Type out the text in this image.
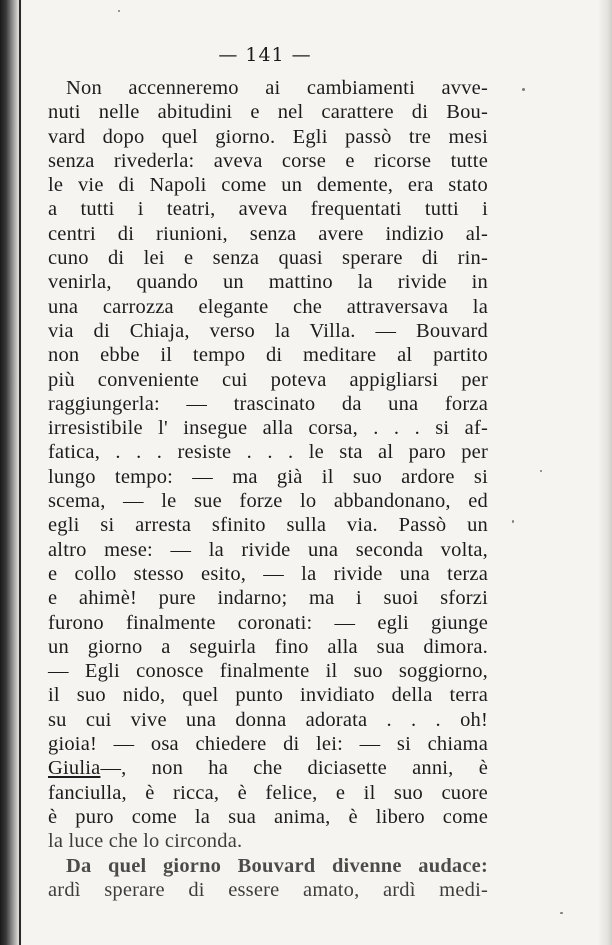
— 141 —
Non accenneremo ai cambiamenti avve-
nuti nelle abitudini e nel carattere di Bou-
vard dopo quel giorno. Egli passò tre mesi
senza rivederla: aveva corse e ricorse tutte
le vie di Napoli come un demente, era stato
a tutti i teatri, aveva frequentati tutti i
centri di riunioni, senza avere indizio al-
cuno di lei e senza quasi sperare di rin-
venirla, quando un mattino la rivide in
una carrozza elegante che attraversava la
via di Chiaja, verso la Villa. — Bouvard
non ebbe il tempo di meditare al partito
più conveniente cui poteva appigliarsi per
raggiungerla: — trascinato da una forza
irresistibile l' insegue alla corsa, . . . si af-
fatica, . . . resiste . . . le sta al paro per
lungo tempo: — ma già il suo ardore si
scema, — le sue forze lo abbandonano, ed
egli si arresta sfinito sulla via. Passò un
altro mese: — la rivide una seconda volta,
e collo stesso esito, — la rivide una terza
e ahimè! pure indarno; ma i suoi sforzi
furono finalmente coronati: — egli giunge
un giorno a seguirla fino alla sua dimora.
— Egli conosce finalmente il suo soggiorno,
il suo nido, quel punto invidiato della terra
su cui vive una donna adorata . . . oh!
gioia! — osa chiedere di lei: — si chiama
Giulia—, non ha che diciasette anni, è
fanciulla, è ricca, è felice, e il suo cuore
è puro come la sua anima, è libero come
la luce che lo circonda.
Da quel giorno Bouvard divenne audace:
ardì sperare di essere amato, ardì medi-
